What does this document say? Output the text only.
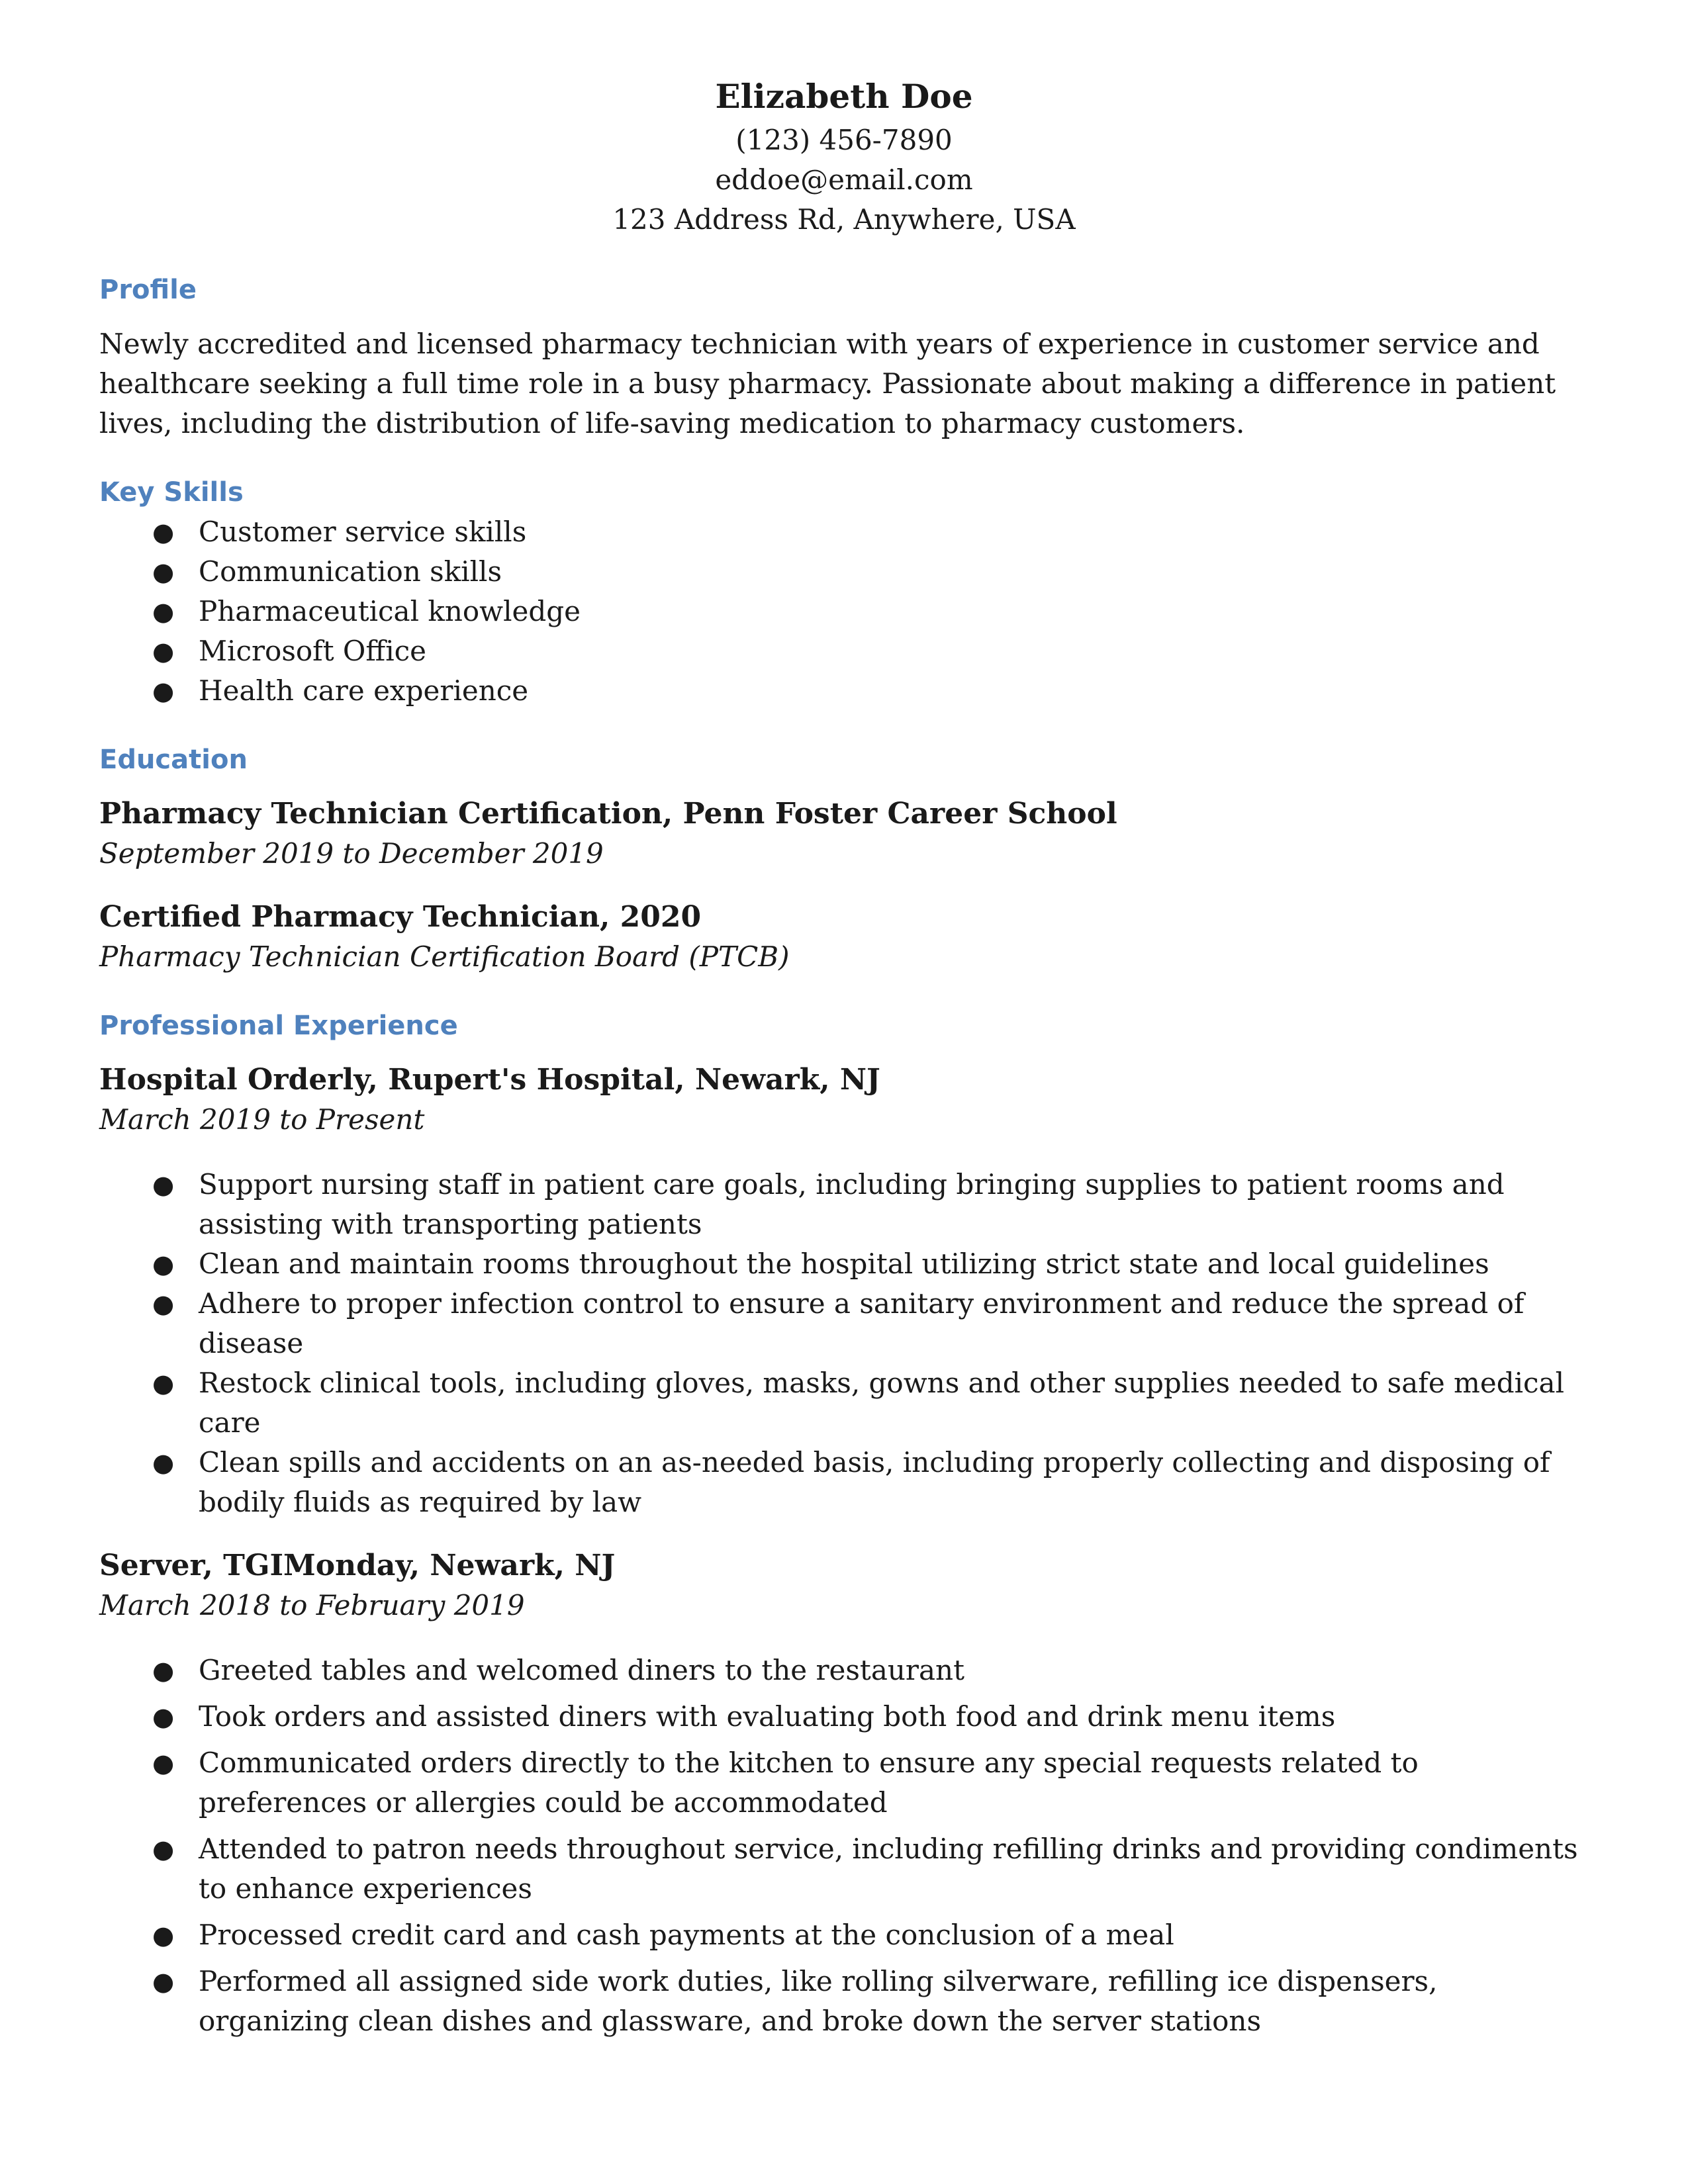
Elizabeth Doe

(123) 456-7890

eddoe@email.com

123 Address Rd, Anywhere, USA

Profile

Newly accredited and licensed pharmacy technician with years of experience in customer service and healthcare seeking a full time role in a busy pharmacy. Passionate about making a difference in patient lives, including the distribution of life-saving medication to pharmacy customers.

Key Skills

● Customer service skills
● Communication skills
● Pharmaceutical knowledge
● Microsoft Office
● Health care experience

Education

Pharmacy Technician Certification, Penn Foster Career School

September 2019 to December 2019

Certified Pharmacy Technician, 2020

Pharmacy Technician Certification Board (PTCB)

Professional Experience

Hospital Orderly, Rupert's Hospital, Newark, NJ

March 2019 to Present

● Support nursing staff in patient care goals, including bringing supplies to patient rooms and assisting with transporting patients
● Clean and maintain rooms throughout the hospital utilizing strict state and local guidelines
● Adhere to proper infection control to ensure a sanitary environment and reduce the spread of disease
● Restock clinical tools, including gloves, masks, gowns and other supplies needed to safe medical care
● Clean spills and accidents on an as-needed basis, including properly collecting and disposing of bodily fluids as required by law

Server, TGIMonday, Newark, NJ

March 2018 to February 2019

● Greeted tables and welcomed diners to the restaurant
● Took orders and assisted diners with evaluating both food and drink menu items
● Communicated orders directly to the kitchen to ensure any special requests related to preferences or allergies could be accommodated
● Attended to patron needs throughout service, including refilling drinks and providing condiments to enhance experiences
● Processed credit card and cash payments at the conclusion of a meal
● Performed all assigned side work duties, like rolling silverware, refilling ice dispensers, organizing clean dishes and glassware, and broke down the server stations
